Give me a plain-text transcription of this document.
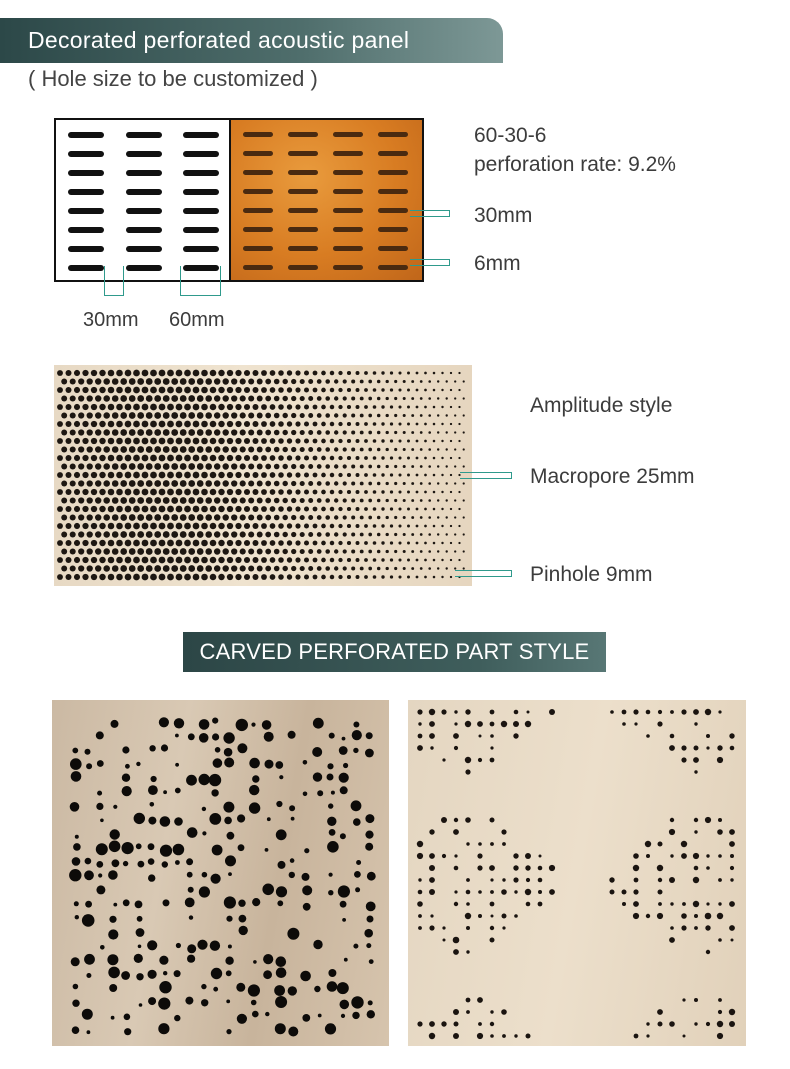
Decorated perforated acoustic panel
( Hole size to be customized )
60-30-6
perforation rate: 9.2%
30mm
6mm
30mm 60mm
Amplitude style
Macropore 25mm
Pinhole 9mm
CARVED PERFORATED PART STYLE
